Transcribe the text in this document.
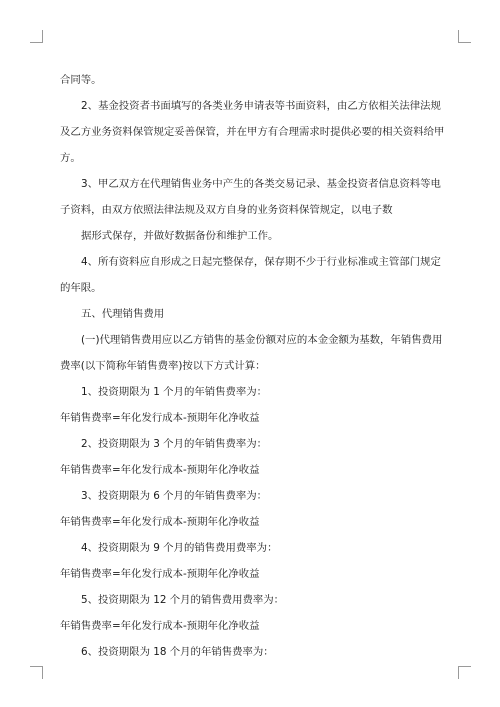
合同等。
2、基金投资者书面填写的各类业务申请表等书面资料，由乙方依相关法律法规
及乙方业务资料保管规定妥善保管，并在甲方有合理需求时提供必要的相关资料给甲
方。
3、甲乙双方在代理销售业务中产生的各类交易记录、基金投资者信息资料等电
子资料，由双方依照法律法规及双方自身的业务资料保管规定，以电子数
据形式保存，并做好数据备份和维护工作。
4、所有资料应自形成之日起完整保存，保存期不少于行业标准或主管部门规定
的年限。
五、代理销售费用
(一)代理销售费用应以乙方销售的基金份额对应的本金金额为基数，年销售费用
费率(以下简称年销售费率)按以下方式计算：
1、投资期限为 1 个月的年销售费率为：
年销售费率=年化发行成本-预期年化净收益
2、投资期限为 3 个月的年销售费率为：
年销售费率=年化发行成本-预期年化净收益
3、投资期限为 6 个月的年销售费率为：
年销售费率=年化发行成本-预期年化净收益
4、投资期限为 9 个月的销售费用费率为：
年销售费率=年化发行成本-预期年化净收益
5、投资期限为 12 个月的销售费用费率为：
年销售费率=年化发行成本-预期年化净收益
6、投资期限为 18 个月的年销售费率为：
